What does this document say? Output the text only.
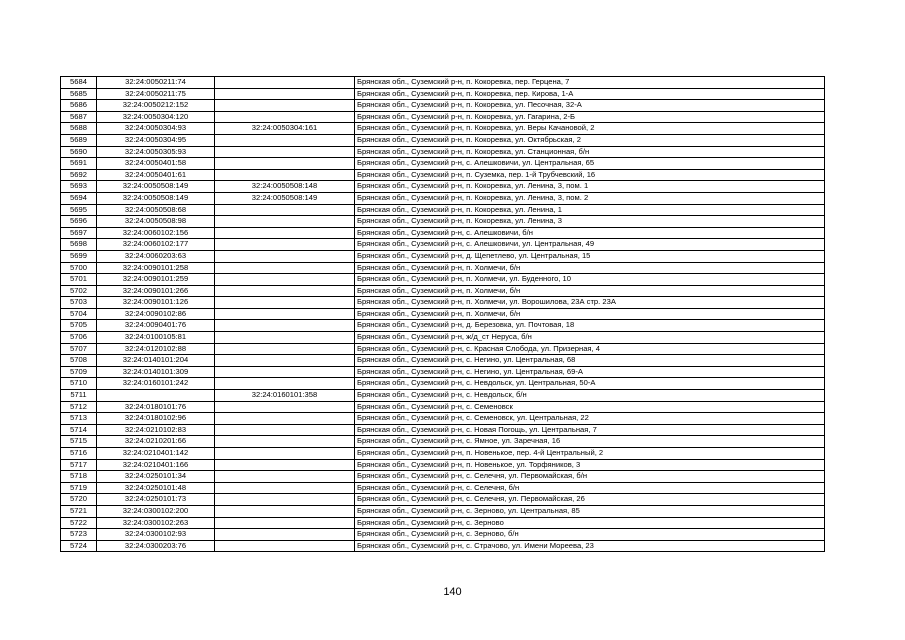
5684	32:24:0050211:74		Брянская обл., Суземский р-н, п. Кокоревка, пер. Герцена, 7
5685	32:24:0050211:75		Брянская обл., Суземский р-н, п. Кокоревка, пер. Кирова, 1-А
5686	32:24:0050212:152		Брянская обл., Суземский р-н, п. Кокоревка, ул. Песочная, 32-А
5687	32:24:0050304:120		Брянская обл., Суземский р-н, п. Кокоревка, ул. Гагарина, 2-Б
5688	32:24:0050304:93	32:24:0050304:161	Брянская обл., Суземский р-н, п. Кокоревка, ул. Веры Качановой, 2
5689	32:24:0050304:95		Брянская обл., Суземский р-н, п. Кокоревка, ул. Октябрьская, 2
5690	32:24:0050305:93		Брянская обл., Суземский р-н, п. Кокоревка, ул. Станционная, б/н
5691	32:24:0050401:58		Брянская обл., Суземский р-н, с. Алешковичи, ул. Центральная, 65
5692	32:24:0050401:61		Брянская обл., Суземский р-н, п. Суземка, пер. 1-й Трубчевский, 16
5693	32:24:0050508:149	32:24:0050508:148	Брянская обл., Суземский р-н, п. Кокоревка, ул. Ленина, 3, пом. 1
5694	32:24:0050508:149	32:24:0050508:149	Брянская обл., Суземский р-н, п. Кокоревка, ул. Ленина, 3, пом. 2
5695	32:24:0050508:68		Брянская обл., Суземский р-н, п. Кокоревка, ул. Ленина, 1
5696	32:24:0050508:98		Брянская обл., Суземский р-н, п. Кокоревка, ул. Ленина, 3
5697	32:24:0060102:156		Брянская обл., Суземский р-н, с. Алешковичи, б/н
5698	32:24:0060102:177		Брянская обл., Суземский р-н, с. Алешковичи, ул. Центральная, 49
5699	32:24:0060203:63		Брянская обл., Суземский р-н, д. Щепетлево, ул. Центральная, 15
5700	32:24:0090101:258		Брянская обл., Суземский р-н, п. Холмечи, б/н
5701	32:24:0090101:259		Брянская обл., Суземский р-н, п. Холмечи, ул. Буденного, 10
5702	32:24:0090101:266		Брянская обл., Суземский р-н, п. Холмечи, б/н
5703	32:24:0090101:126		Брянская обл., Суземский р-н, п. Холмечи, ул. Ворошилова, 23А стр. 23А
5704	32:24:0090102:86		Брянская обл., Суземский р-н, п. Холмечи, б/н
5705	32:24:0090401:76		Брянская обл., Суземский р-н, д. Березовка, ул. Почтовая, 18
5706	32:24:0100105:81		Брянская обл., Суземский р-н, ж/д_ст Неруса, б/н
5707	32:24:0120102:88		Брянская обл., Суземский р-н, с. Красная Слобода, ул. Призерная, 4
5708	32:24:0140101:204		Брянская обл., Суземский р-н, с. Негино, ул. Центральная, 68
5709	32:24:0140101:309		Брянская обл., Суземский р-н, с. Негино, ул. Центральная, 69-А
5710	32:24:0160101:242		Брянская обл., Суземский р-н, с. Невдольск, ул. Центральная, 50-А
5711		32:24:0160101:358	Брянская обл., Суземский р-н, с. Невдольск, б/н
5712	32:24:0180101:76		Брянская обл., Суземский р-н, с. Семеновск
5713	32:24:0180102:96		Брянская обл., Суземский р-н, с. Семеновск, ул. Центральная, 22
5714	32:24:0210102:83		Брянская обл., Суземский р-н, с. Новая Погощь, ул. Центральная, 7
5715	32:24:0210201:66		Брянская обл., Суземский р-н, с. Ямное, ул. Заречная, 16
5716	32:24:0210401:142		Брянская обл., Суземский р-н, п. Новенькое, пер. 4-й Центральный, 2
5717	32:24:0210401:166		Брянская обл., Суземский р-н, п. Новенькое, ул. Торфяников, 3
5718	32:24:0250101:34		Брянская обл., Суземский р-н, с. Селечня, ул. Первомайская, б/н
5719	32:24:0250101:48		Брянская обл., Суземский р-н, с. Селечня, б/н
5720	32:24:0250101:73		Брянская обл., Суземский р-н, с. Селечня, ул. Первомайская, 26
5721	32:24:0300102:200		Брянская обл., Суземский р-н, с. Зерново, ул. Центральная, 85
5722	32:24:0300102:263		Брянская обл., Суземский р-н, с. Зерново
5723	32:24:0300102:93		Брянская обл., Суземский р-н, с. Зерново, б/н
5724	32:24:0300203:76		Брянская обл., Суземский р-н, с. Страчово, ул. Имени Мореева, 23
140
